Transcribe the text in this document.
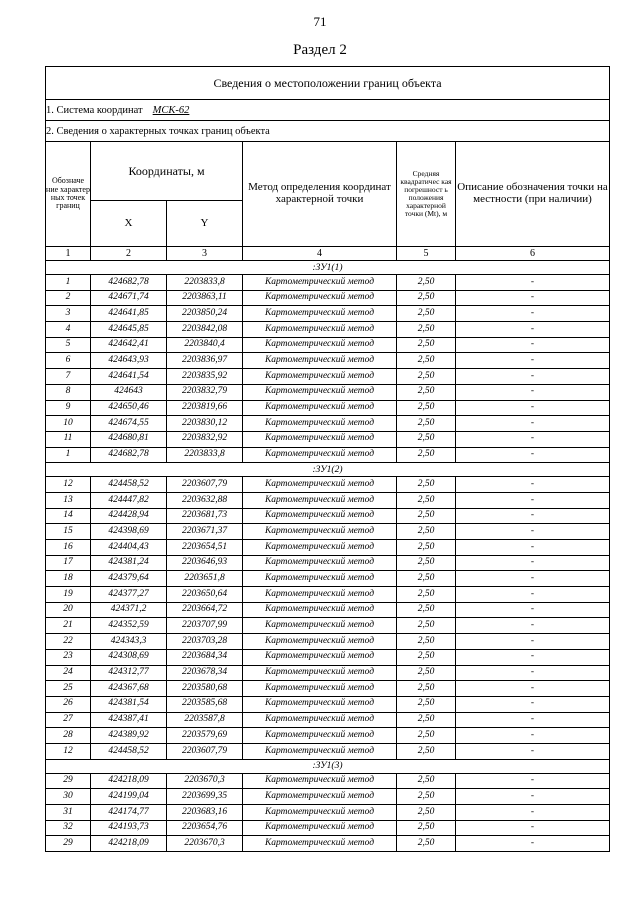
71
Раздел 2
Сведения о местоположении границ объекта					
1. Система координат МСК-62					
2. Сведения о характерных точках границ объекта					
Обозначе ние характер ных точек границ	Координаты, м		Метод определения координат характерной точки	Средняя квадратичес кая погрешност ь положения характерной точки (Mt), м	Описание обозначения точки на местности (при наличии)
	X	Y			
1	2	3	4	5	6
:ЗУ1(1)					
1	424682,78	2203833,8	Картометрический метод	2,50	-
2	424671,74	2203863,11	Картометрический метод	2,50	-
3	424641,85	2203850,24	Картометрический метод	2,50	-
4	424645,85	2203842,08	Картометрический метод	2,50	-
5	424642,41	2203840,4	Картометрический метод	2,50	-
6	424643,93	2203836,97	Картометрический метод	2,50	-
7	424641,54	2203835,92	Картометрический метод	2,50	-
8	424643	2203832,79	Картометрический метод	2,50	-
9	424650,46	2203819,66	Картометрический метод	2,50	-
10	424674,55	2203830,12	Картометрический метод	2,50	-
11	424680,81	2203832,92	Картометрический метод	2,50	-
1	424682,78	2203833,8	Картометрический метод	2,50	-
:ЗУ1(2)					
12	424458,52	2203607,79	Картометрический метод	2,50	-
13	424447,82	2203632,88	Картометрический метод	2,50	-
14	424428,94	2203681,73	Картометрический метод	2,50	-
15	424398,69	2203671,37	Картометрический метод	2,50	-
16	424404,43	2203654,51	Картометрический метод	2,50	-
17	424381,24	2203646,93	Картометрический метод	2,50	-
18	424379,64	2203651,8	Картометрический метод	2,50	-
19	424377,27	2203650,64	Картометрический метод	2,50	-
20	424371,2	2203664,72	Картометрический метод	2,50	-
21	424352,59	2203707,99	Картометрический метод	2,50	-
22	424343,3	2203703,28	Картометрический метод	2,50	-
23	424308,69	2203684,34	Картометрический метод	2,50	-
24	424312,77	2203678,34	Картометрический метод	2,50	-
25	424367,68	2203580,68	Картометрический метод	2,50	-
26	424381,54	2203585,68	Картометрический метод	2,50	-
27	424387,41	2203587,8	Картометрический метод	2,50	-
28	424389,92	2203579,69	Картометрический метод	2,50	-
12	424458,52	2203607,79	Картометрический метод	2,50	-
:ЗУ1(3)					
29	424218,09	2203670,3	Картометрический метод	2,50	-
30	424199,04	2203699,35	Картометрический метод	2,50	-
31	424174,77	2203683,16	Картометрический метод	2,50	-
32	424193,73	2203654,76	Картометрический метод	2,50	-
29	424218,09	2203670,3	Картометрический метод	2,50	-
